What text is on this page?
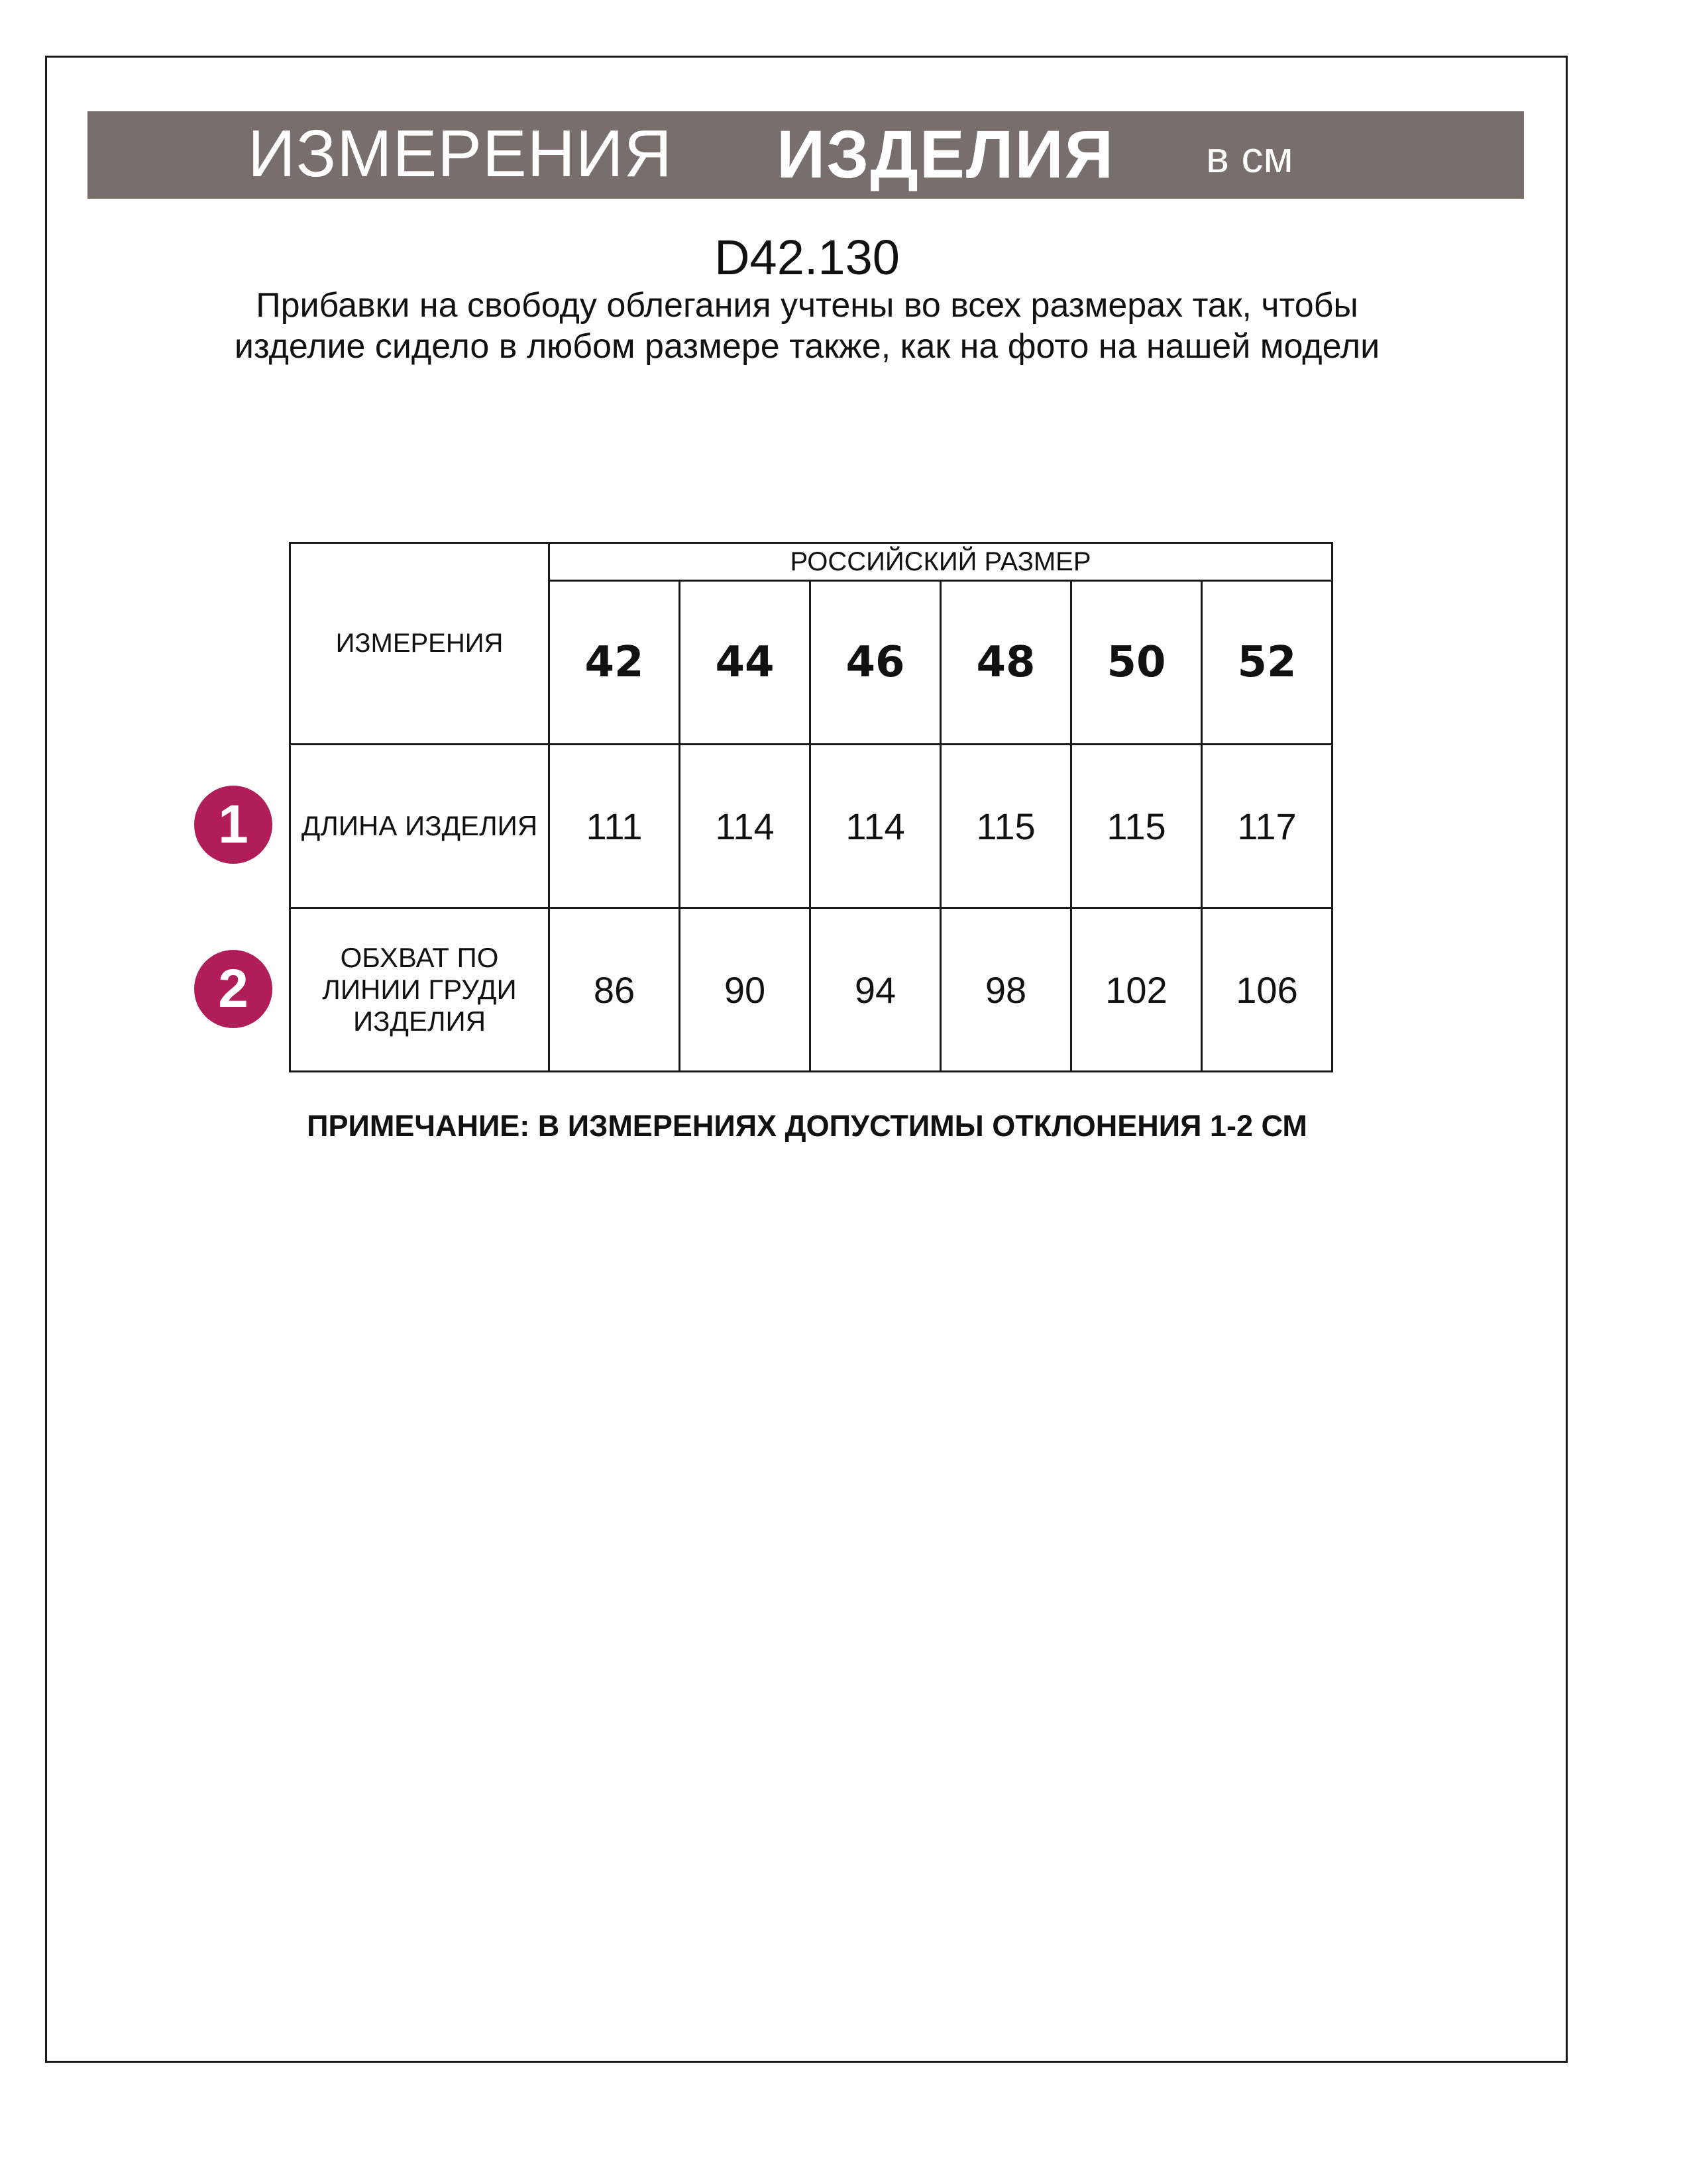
ИЗМЕРЕНИЯ ИЗДЕЛИЯ в см
D42.130
Прибавки на свободу облегания учтены во всех размерах так, чтобы изделие сидело в любом размере также, как на фото на нашей модели
ИЗМЕРЕНИЯ	РОССИЙСКИЙ РАЗМЕР					
	42	44	46	48	50	52
ДЛИНА ИЗДЕЛИЯ	111	114	114	115	115	117
ОБХВАТ ПО ЛИНИИ ГРУДИ ИЗДЕЛИЯ	86	90	94	98	102	106
1
2
ПРИМЕЧАНИЕ: В ИЗМЕРЕНИЯХ ДОПУСТИМЫ ОТКЛОНЕНИЯ 1-2 СМ
